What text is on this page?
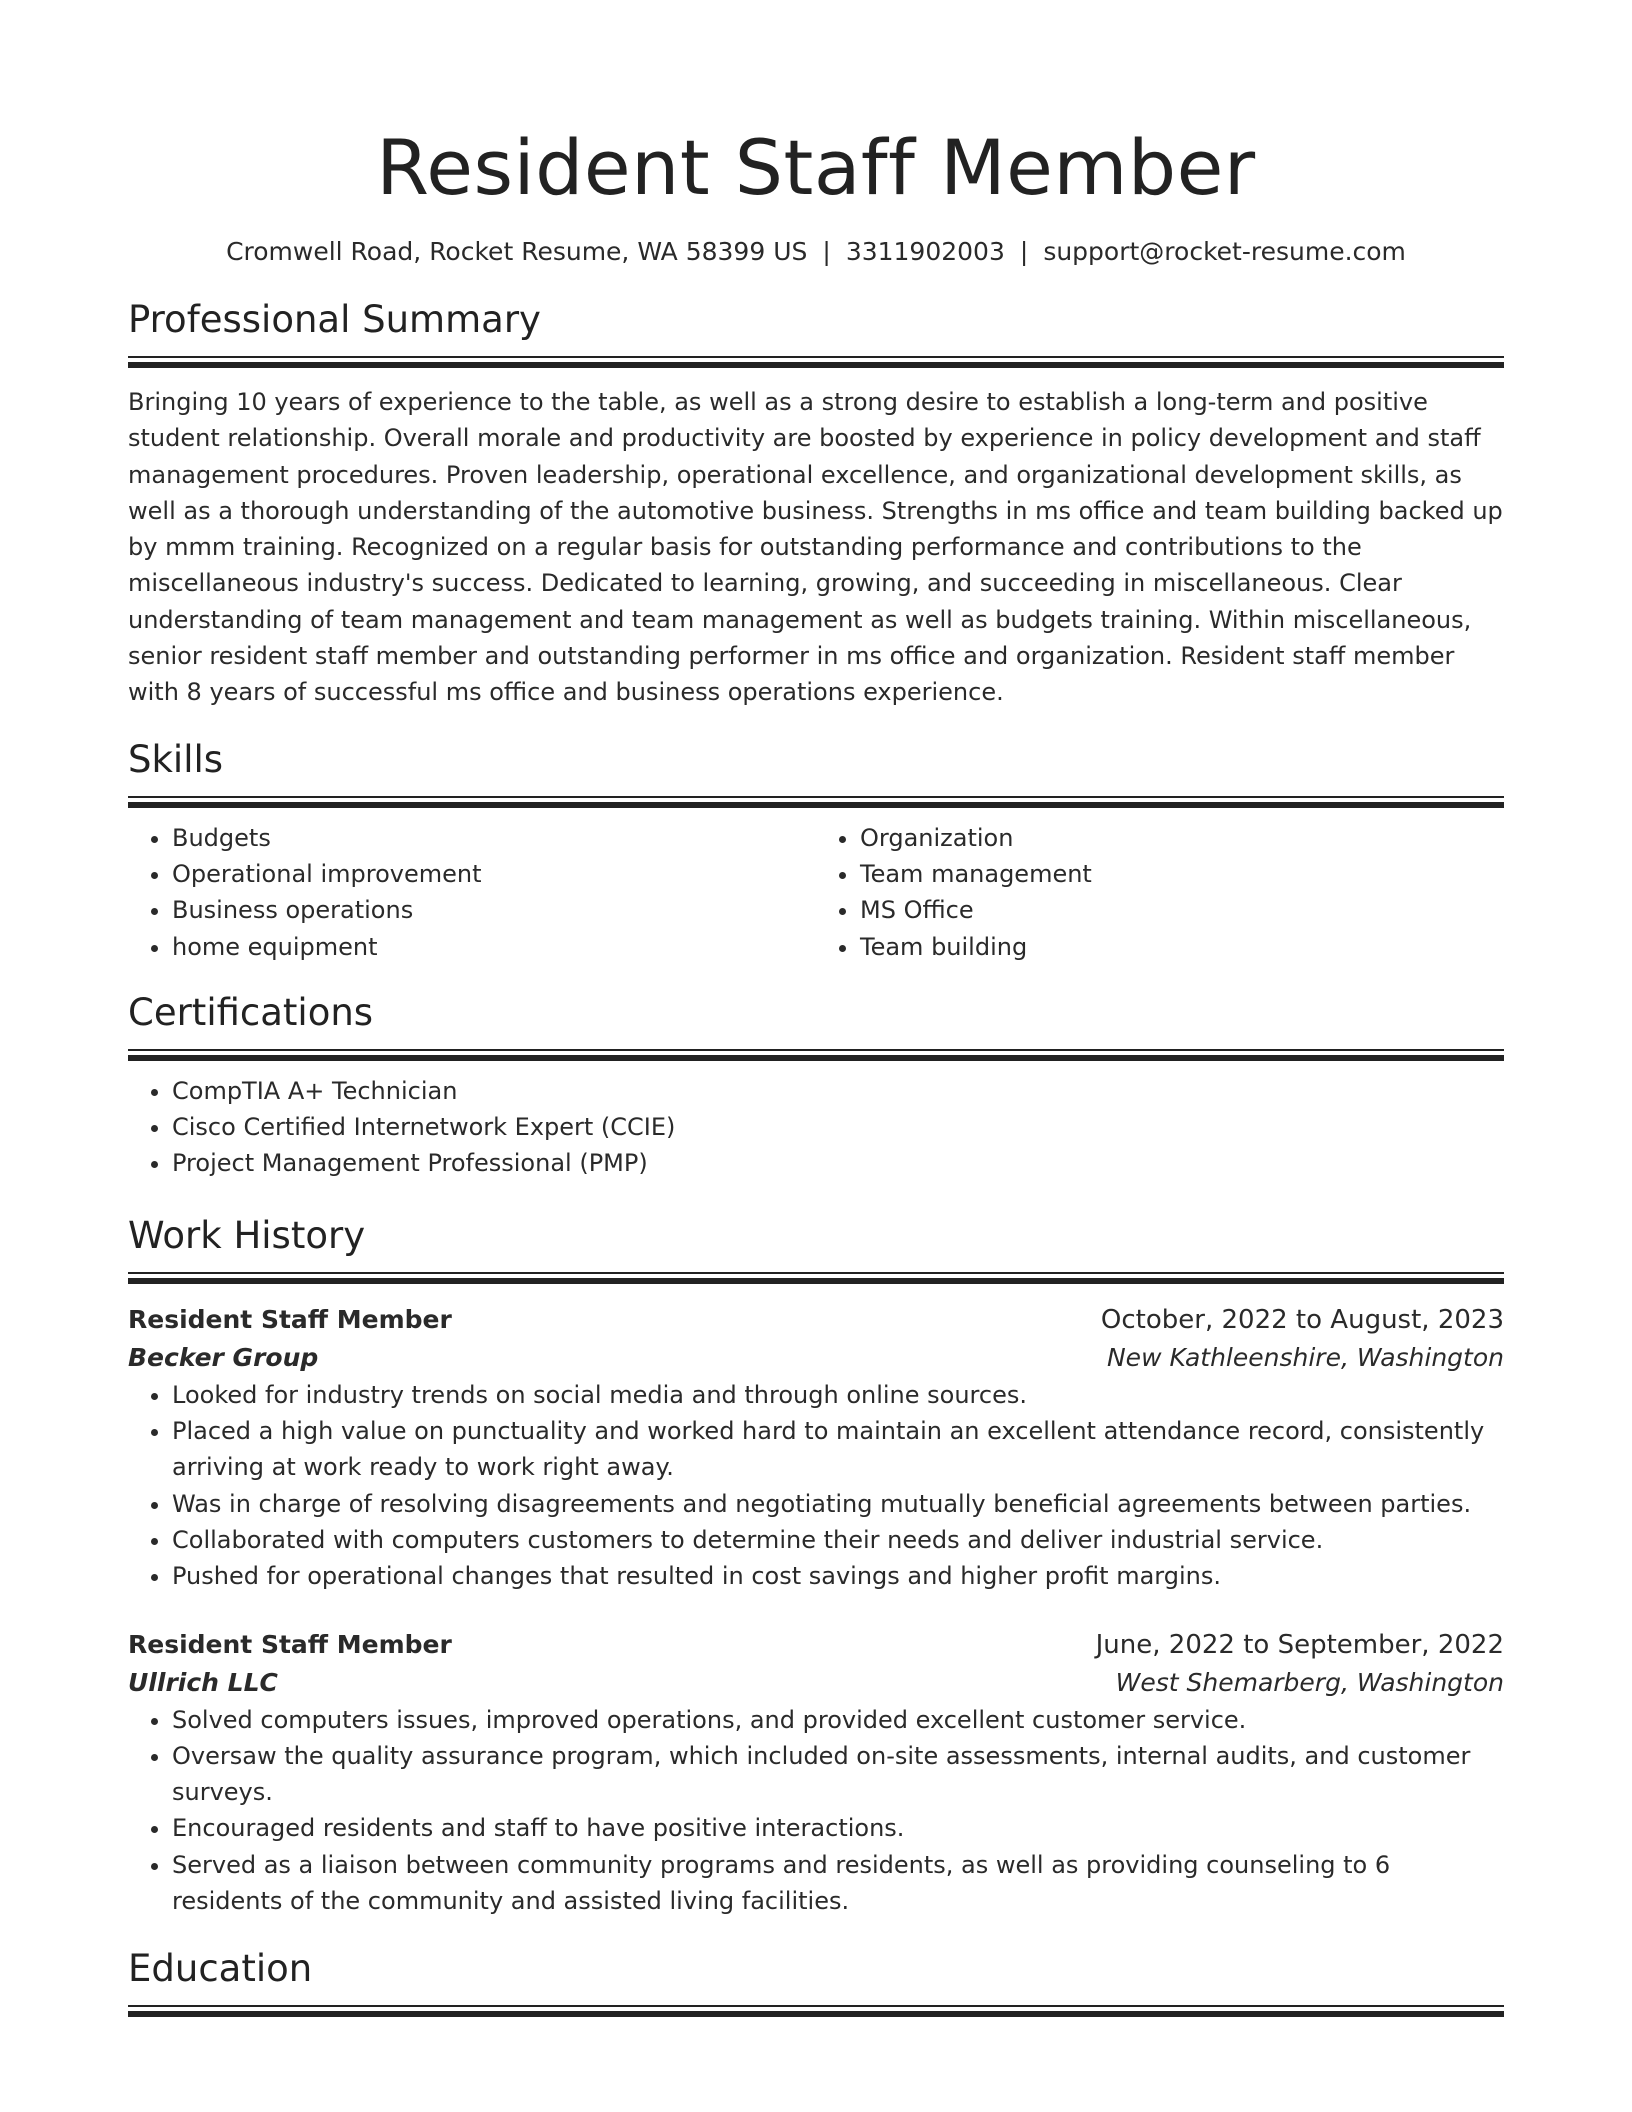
Resident Staff Member
Cromwell Road, Rocket Resume, WA 58399 US | 3311902003 | support@rocket-resume.com
Professional Summary
Bringing 10 years of experience to the table, as well as a strong desire to establish a long-term and positive student relationship. Overall morale and productivity are boosted by experience in policy development and staff management procedures. Proven leadership, operational excellence, and organizational development skills, as well as a thorough understanding of the automotive business. Strengths in ms office and team building backed up by mmm training. Recognized on a regular basis for outstanding performance and contributions to the miscellaneous industry's success. Dedicated to learning, growing, and succeeding in miscellaneous. Clear understanding of team management and team management as well as budgets training. Within miscellaneous, senior resident staff member and outstanding performer in ms office and organization. Resident staff member with 8 years of successful ms office and business operations experience.
Skills
• Budgets
• Operational improvement
• Business operations
• home equipment
• Organization
• Team management
• MS Office
• Team building
Certifications
• CompTIA A+ Technician
• Cisco Certified Internetwork Expert (CCIE)
• Project Management Professional (PMP)
Work History
Resident Staff Member	October, 2022 to August, 2023
Becker Group	New Kathleenshire, Washington
• Looked for industry trends on social media and through online sources.
• Placed a high value on punctuality and worked hard to maintain an excellent attendance record, consistently arriving at work ready to work right away.
• Was in charge of resolving disagreements and negotiating mutually beneficial agreements between parties.
• Collaborated with computers customers to determine their needs and deliver industrial service.
• Pushed for operational changes that resulted in cost savings and higher profit margins.
Resident Staff Member	June, 2022 to September, 2022
Ullrich LLC	West Shemarberg, Washington
• Solved computers issues, improved operations, and provided excellent customer service.
• Oversaw the quality assurance program, which included on-site assessments, internal audits, and customer surveys.
• Encouraged residents and staff to have positive interactions.
• Served as a liaison between community programs and residents, as well as providing counseling to 6 residents of the community and assisted living facilities.
Education
